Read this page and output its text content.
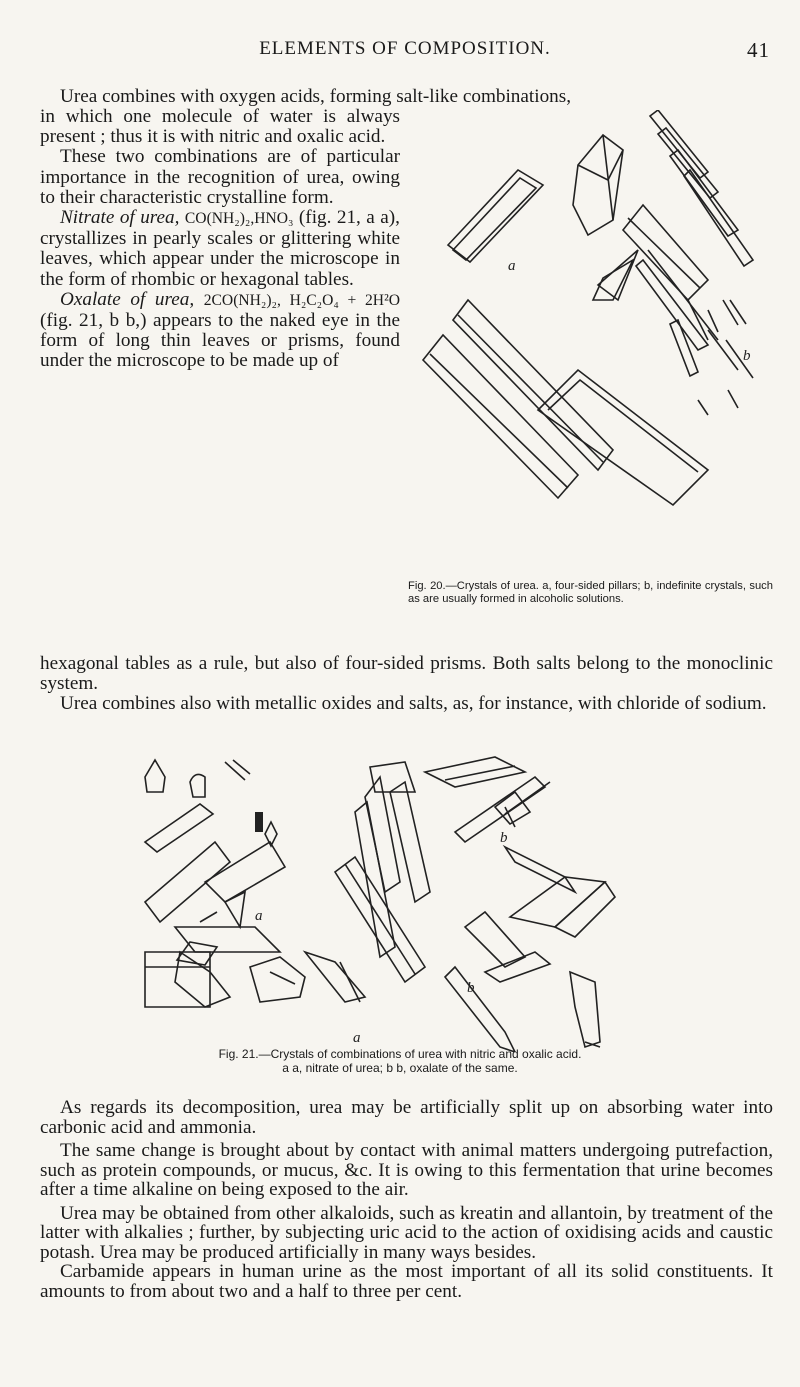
ELEMENTS OF COMPOSITION.	41

Urea combines with oxygen acids, forming salt-like combinations,

in which one molecule of water is always present ; thus it is with nitric and oxalic acid.

These two combinations are of particular importance in the recognition of urea, owing to their characteristic crystalline form.

Nitrate of urea, CO(NH₂)₂,HNO₃ (fig. 21, a a), crystallizes in pearly scales or glittering white leaves, which appear under the microscope in the form of rhombic or hexagonal tables.

Oxalate of urea, 2CO(NH₂)₂, H₂C₂O₄ + 2H²O (fig. 21, b b,) appears to the naked eye in the form of long thin leaves or prisms, found under the microscope to be made up of

a
b
Fig. 20.—Crystals of urea. a, four-sided pillars; b, indefinite crystals, such as are usually formed in alcoholic solutions.

hexagonal tables as a rule, but also of four-sided prisms. Both salts belong to the monoclinic system.

Urea combines also with metallic oxides and salts, as, for instance, with chloride of sodium.

a
a
b
b
Fig. 21.—Crystals of combinations of urea with nitric and oxalic acid.
a a, nitrate of urea; b b, oxalate of the same.

As regards its decomposition, urea may be artificially split up on absorbing water into carbonic acid and ammonia.

The same change is brought about by contact with animal matters undergoing putrefaction, such as protein compounds, or mucus, &c. It is owing to this fermentation that urine becomes after a time alkaline on being exposed to the air.

Urea may be obtained from other alkaloids, such as kreatin and allantoin, by treatment of the latter with alkalies ; further, by subjecting uric acid to the action of oxidising acids and caustic potash. Urea may be produced artificially in many ways besides.

Carbamide appears in human urine as the most important of all its solid constituents. It amounts to from about two and a half to three per cent.
